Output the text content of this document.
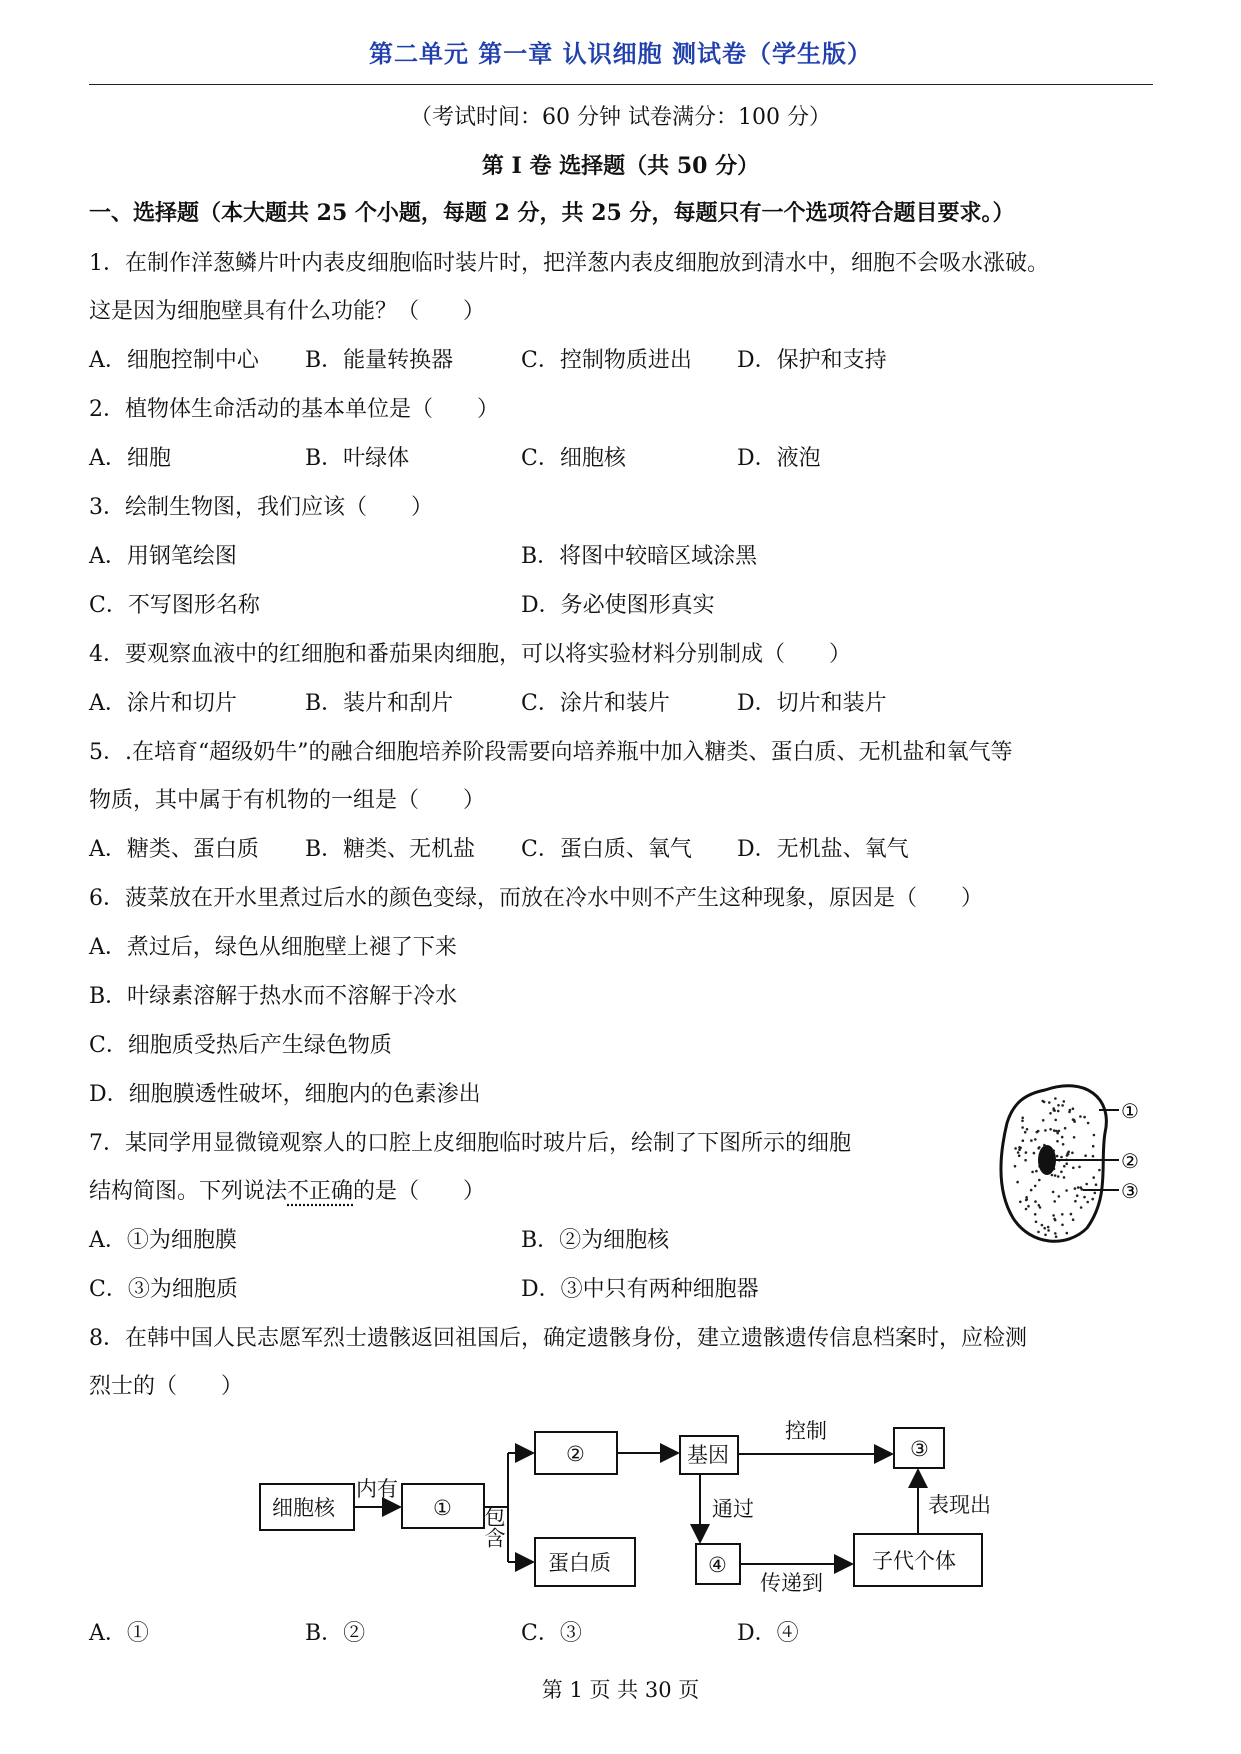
第二单元 第一章 认识细胞 测试卷（学生版）
（考试时间：60 分钟 试卷满分：100 分）
第 I 卷 选择题（共 50 分）
一、选择题（本大题共 25 个小题，每题 2 分，共 25 分，每题只有一个选项符合题目要求。）
1．在制作洋葱鳞片叶内表皮细胞临时装片时，把洋葱内表皮细胞放到清水中，细胞不会吸水涨破。
这是因为细胞壁具有什么功能？（　　）
A．细胞控制中心 B．能量转换器	C．控制物质进出 D．保护和支持
2．植物体生命活动的基本单位是（　　）
A．细胞	B．叶绿体	C．细胞核	D．液泡
3．绘制生物图，我们应该（　　）
A．用钢笔绘图	B．将图中较暗区域涂黑
C．不写图形名称	D．务必使图形真实
4．要观察血液中的红细胞和番茄果肉细胞，可以将实验材料分别制成（　　）
A．涂片和切片	B．装片和刮片	C．涂片和装片	D．切片和装片
5．.在培育“超级奶牛”的融合细胞培养阶段需要向培养瓶中加入糖类、蛋白质、无机盐和氧气等
物质，其中属于有机物的一组是（　　）
A．糖类、蛋白质 B．糖类、无机盐 C．蛋白质、氧气 D．无机盐、氧气
6．菠菜放在开水里煮过后水的颜色变绿，而放在冷水中则不产生这种现象，原因是（　　）
A．煮过后，绿色从细胞壁上褪了下来
B．叶绿素溶解于热水而不溶解于冷水
C．细胞质受热后产生绿色物质
D．细胞膜透性破坏，细胞内的色素渗出
7．某同学用显微镜观察人的口腔上皮细胞临时玻片后，绘制了下图所示的细胞
结构简图。下列说法不正确的是（　　）
A．①为细胞膜	B．②为细胞核
C．③为细胞质	D．③中只有两种细胞器
①
②
③
8．在韩中国人民志愿军烈士遗骸返回祖国后，确定遗骸身份，建立遗骸遗传信息档案时，应检测
烈士的（　　）
细胞核	①
②	基因	③
蛋白质	④	子代个体
内有
包含
控制
通过	表现出
传递到
A．①	B．②	C．③	D．④
第 1 页 共 30 页
